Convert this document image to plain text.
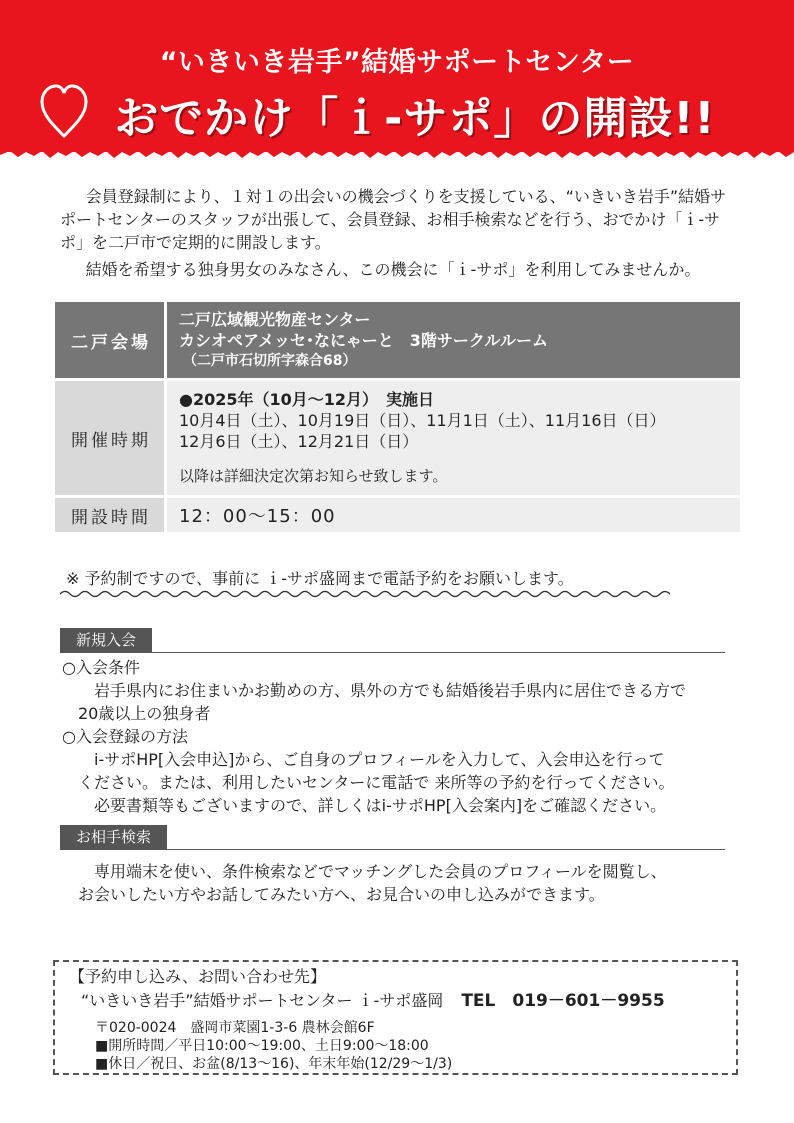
“いきいき岩手”結婚サポートセンター
おでかけ「ｉ-サポ」の開設!!

会員登録制により、１対１の出会いの機会づくりを支援している、“いきいき岩手”結婚サポートセンターのスタッフが出張して、会員登録、お相手検索などを行う、おでかけ「ｉ-サポ」を二戸市で定期的に開設します。

結婚を希望する独身男女のみなさん、この機会に「ｉ-サポ」を利用してみませんか。

二戸会場	二戸広域観光物産センター
カシオペアメッセ･なにゃーと　3階サークルルーム
（二戸市石切所字森合68）

開催時期	●2025年（10月～12月）　実施日
10月4日（土）、10月19日（日）、11月1日（土）、11月16日（日）
12月6日（土）、12月21日（日）
以降は詳細決定次第お知らせ致します。

開設時間	12：00～15：00
※ 予約制ですので、事前に ｉ-サポ盛岡まで電話予約をお願いします。
新規入会

○入会条件

岩手県内にお住まいかお勤めの方、県外の方でも結婚後岩手県内に居住できる方で

20歳以上の独身者

○入会登録の方法

i-サポHP[入会申込]から、ご自身のプロフィールを入力して、入会申込を行って

ください。または、利用したいセンターに電話で 来所等の予約を行ってください。

必要書類等もございますので、詳しくはi-サポHP[入会案内]をご確認ください。

お相手検索

専用端末を使い、条件検索などでマッチングした会員のプロフィールを閲覧し、

お会いしたい方やお話してみたい方へ、お見合いの申し込みができます。

【予約申し込み、お問い合わせ先】
“いきいき岩手”結婚サポートセンター ｉ-サポ盛岡 TEL　019－601－9955
〒020-0024　盛岡市菜園1-3-6 農林会館6F
■開所時間／平日10:00～19:00、土日9:00～18:00
■休日／祝日、お盆(8/13～16)、年末年始(12/29～1/3)
